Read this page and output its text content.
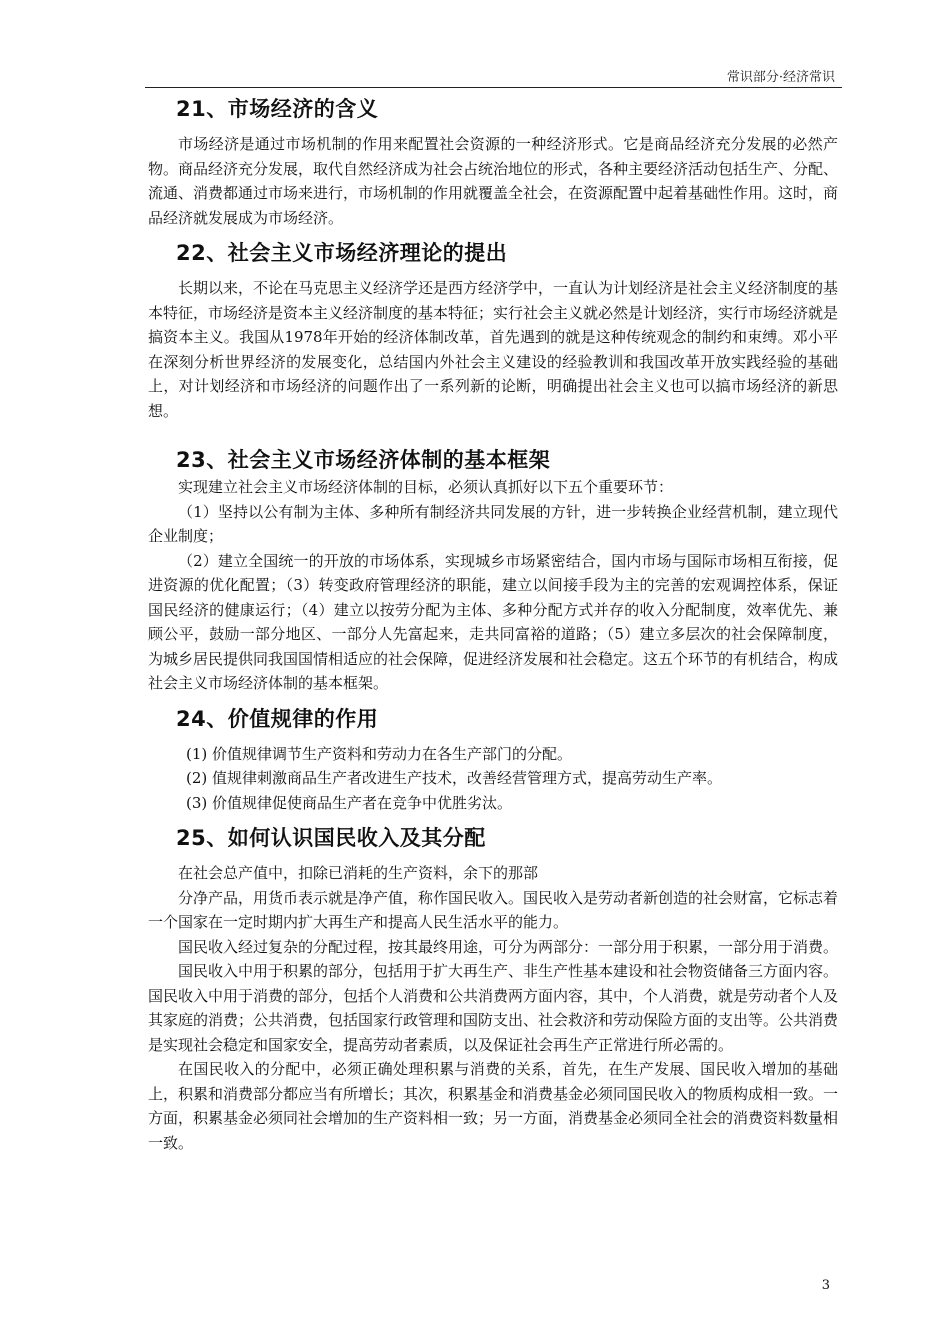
常识部分·经济常识
21、市场经济的含义

市场经济是通过市场机制的作用来配置社会资源的一种经济形式。它是商品经济充分发展的必然产物。商品经济充分发展，取代自然经济成为社会占统治地位的形式，各种主要经济活动包括生产、分配、流通、消费都通过市场来进行，市场机制的作用就覆盖全社会，在资源配置中起着基础性作用。这时，商品经济就发展成为市场经济。

22、社会主义市场经济理论的提出

长期以来，不论在马克思主义经济学还是西方经济学中，一直认为计划经济是社会主义经济制度的基本特征，市场经济是资本主义经济制度的基本特征；实行社会主义就必然是计划经济，实行市场经济就是搞资本主义。我国从1978年开始的经济体制改革，首先遇到的就是这种传统观念的制约和束缚。邓小平在深刻分析世界经济的发展变化，总结国内外社会主义建设的经验教训和我国改革开放实践经验的基础上，对计划经济和市场经济的问题作出了一系列新的论断，明确提出社会主义也可以搞市场经济的新思想。

23、社会主义市场经济体制的基本框架

实现建立社会主义市场经济体制的目标，必须认真抓好以下五个重要环节：

（1）坚持以公有制为主体、多种所有制经济共同发展的方针，进一步转换企业经营机制，建立现代企业制度；

（2）建立全国统一的开放的市场体系，实现城乡市场紧密结合，国内市场与国际市场相互衔接，促进资源的优化配置；（3）转变政府管理经济的职能，建立以间接手段为主的完善的宏观调控体系，保证国民经济的健康运行；（4）建立以按劳分配为主体、多种分配方式并存的收入分配制度，效率优先、兼顾公平，鼓励一部分地区、一部分人先富起来，走共同富裕的道路；（5）建立多层次的社会保障制度，为城乡居民提供同我国国情相适应的社会保障，促进经济发展和社会稳定。这五个环节的有机结合，构成社会主义市场经济体制的基本框架。

24、价值规律的作用

(1) 价值规律调节生产资料和劳动力在各生产部门的分配。

(2) 值规律刺激商品生产者改进生产技术，改善经营管理方式，提高劳动生产率。

(3) 价值规律促使商品生产者在竞争中优胜劣汰。

25、如何认识国民收入及其分配

在社会总产值中，扣除已消耗的生产资料，余下的那部

分净产品，用货币表示就是净产值，称作国民收入。国民收入是劳动者新创造的社会财富，它标志着一个国家在一定时期内扩大再生产和提高人民生活水平的能力。

国民收入经过复杂的分配过程，按其最终用途，可分为两部分：一部分用于积累，一部分用于消费。

国民收入中用于积累的部分，包括用于扩大再生产、非生产性基本建设和社会物资储备三方面内容。国民收入中用于消费的部分，包括个人消费和公共消费两方面内容，其中，个人消费，就是劳动者个人及其家庭的消费；公共消费，包括国家行政管理和国防支出、社会救济和劳动保险方面的支出等。公共消费是实现社会稳定和国家安全，提高劳动者素质，以及保证社会再生产正常进行所必需的。

在国民收入的分配中，必须正确处理积累与消费的关系，首先，在生产发展、国民收入增加的基础上，积累和消费部分都应当有所增长；其次，积累基金和消费基金必须同国民收入的物质构成相一致。一方面，积累基金必须同社会增加的生产资料相一致；另一方面，消费基金必须同全社会的消费资料数量相一致。

3
